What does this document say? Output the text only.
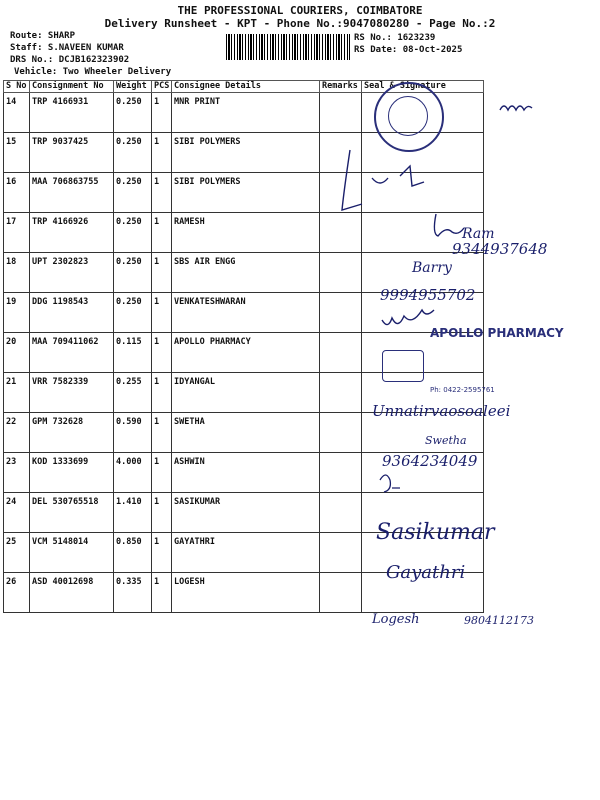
THE PROFESSIONAL COURIERS, COIMBATORE
Delivery Runsheet - KPT - Phone No.:9047080280 - Page No.:2
Route: SHARP
Staff: S.NAVEEN KUMAR
DRS No.: DCJB162323902
Vehicle: Two Wheeler Delivery
RS No.: 1623239
RS Date: 08-Oct-2025
S No	Consignment No	Weight	PCS	Consignee Details	Remarks	Seal & Signature
14	TRP 4166931	0.250	1	MNR PRINT		
15	TRP 9037425	0.250	1	SIBI POLYMERS		
16	MAA 706863755	0.250	1	SIBI POLYMERS		
17	TRP 4166926	0.250	1	RAMESH		
18	UPT 2302823	0.250	1	SBS AIR ENGG		
19	DDG 1198543	0.250	1	VENKATESHWARAN		
20	MAA 709411062	0.115	1	APOLLO PHARMACY		
21	VRR 7582339	0.255	1	IDYANGAL		
22	GPM 732628	0.590	1	SWETHA		
23	KOD 1333699	4.000	1	ASHWIN		
24	DEL 530765518	1.410	1	SASIKUMAR		
25	VCM 5148014	0.850	1	GAYATHRI		
26	ASD 40012698	0.335	1	LOGESH		
Ram
9344937648
Barry
9994955702
APOLLO PHARMACY
Ph: 0422-2595761
Unnatirvaosoaleei
Swetha
9364234049
Sasikumar
Gayathri
Logesh	9804112173
